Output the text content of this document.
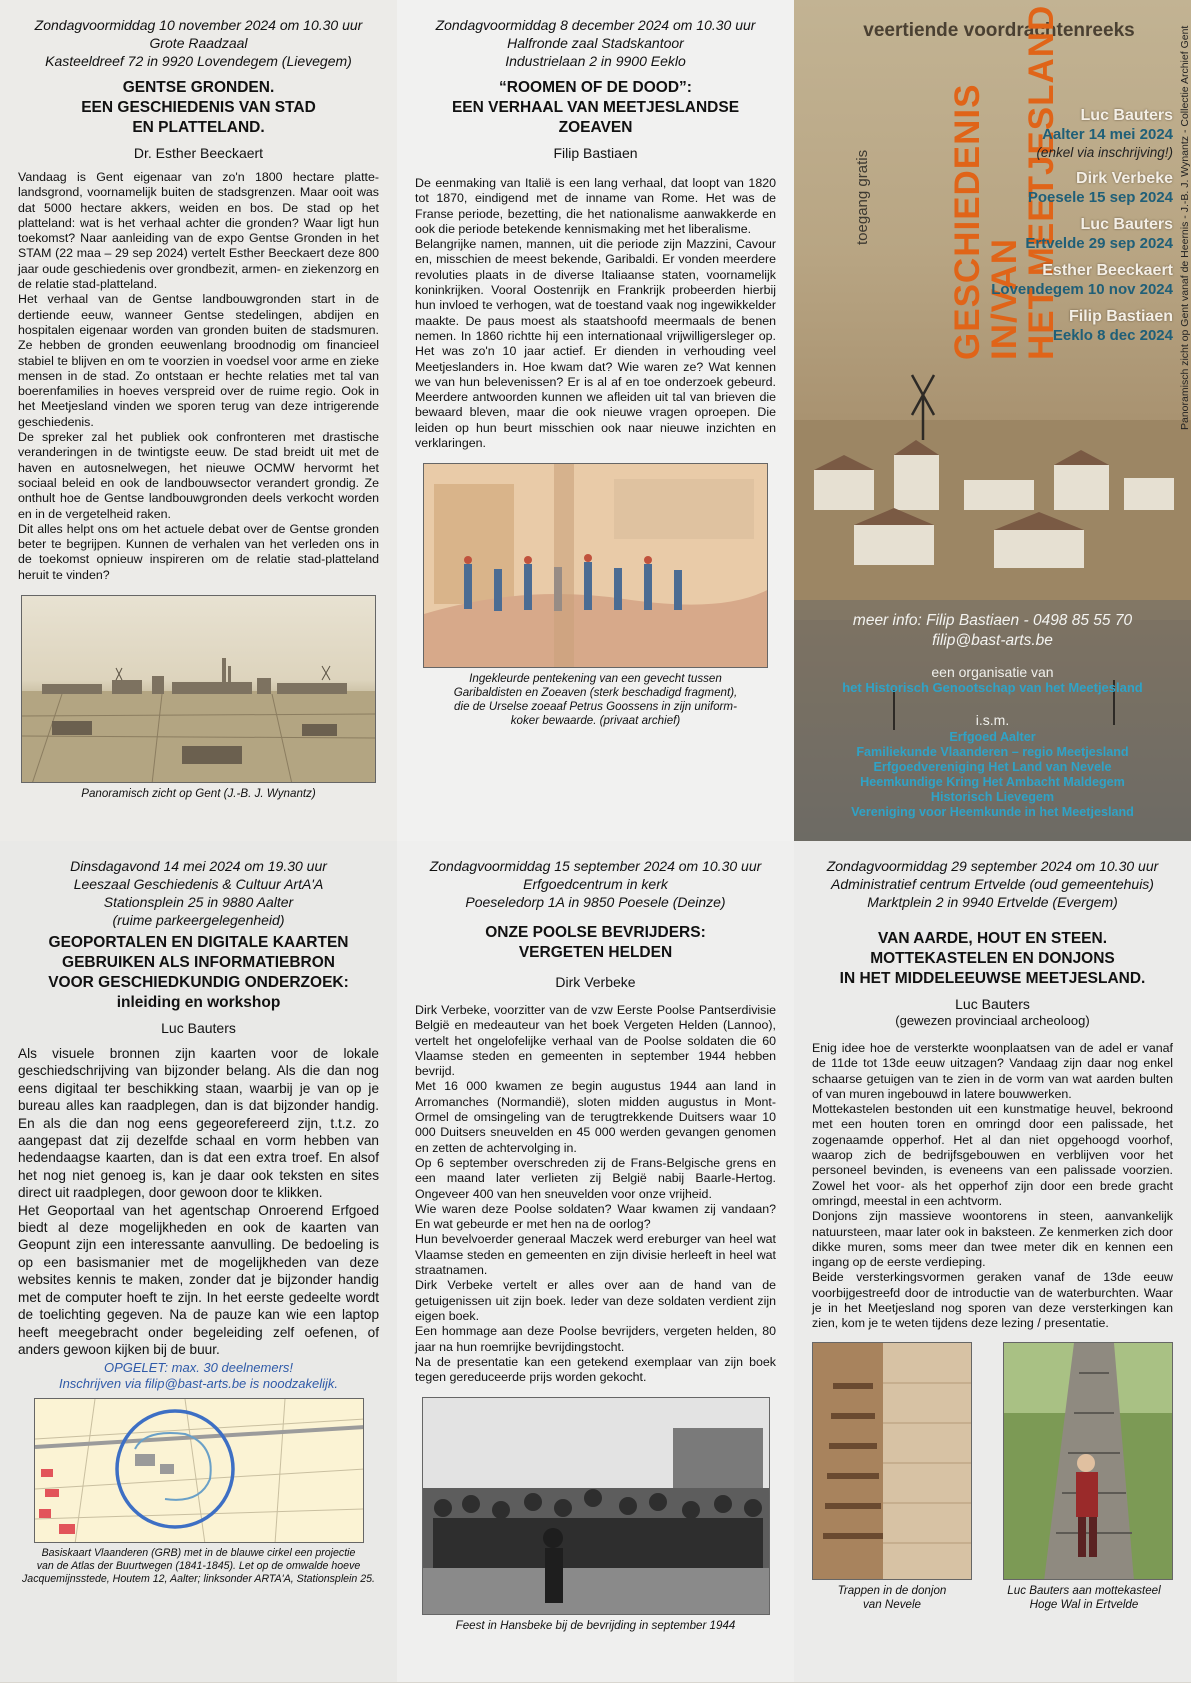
Zondagvoormiddag 10 november 2024 om 10.30 uur
Grote Raadzaal
Kasteeldreef 72 in 9920 Lovendegem (Lievegem)
GENTSE GRONDEN.
EEN GESCHIEDENIS VAN STAD
EN PLATTELAND.
Dr. Esther Beeckaert

Vandaag is Gent eigenaar van zo'n 1800 hectare plattelandsgrond, voornamelijk buiten de stadsgrenzen. Maar ooit was dat 5000 hectare akkers, weiden en bos. De stad op het platteland: wat is het verhaal achter die gronden? Waar ligt hun toekomst? Naar aanleiding van de expo Gentse Gronden in het STAM (22 maa – 29 sep 2024) vertelt Esther Beeckaert deze 800 jaar oude geschiedenis over grondbezit, armen- en ziekenzorg en de relatie stad-platteland.

Het verhaal van de Gentse landbouwgronden start in de dertiende eeuw, wanneer Gentse stedelingen, abdijen en hospitalen eigenaar worden van gronden buiten de stadsmuren. Ze hebben de gronden eeuwenlang broodnodig om financieel stabiel te blijven en om te voorzien in voedsel voor arme en zieke mensen in de stad. Zo ontstaan er hechte relaties met tal van boerenfamilies in hoeves verspreid over de ruime regio. Ook in het Meetjesland vinden we sporen terug van deze intrigerende geschiedenis.

De spreker zal het publiek ook confronteren met drastische veranderingen in de twintigste eeuw. De stad breidt uit met de haven en autosnelwegen, het nieuwe OCMW hervormt het sociaal beleid en ook de landbouwsector verandert grondig. Ze onthult hoe de Gentse landbouwgronden deels verkocht worden en in de vergetelheid raken.

Dit alles helpt ons om het actuele debat over de Gentse gronden beter te begrijpen. Kunnen de verhalen van het verleden ons in de toekomst opnieuw inspireren om de relatie stad-platteland heruit te vinden?

Panoramisch zicht op Gent (J.-B. J. Wynantz)
Zondagvoormiddag 8 december 2024 om 10.30 uur
Halfronde zaal Stadskantoor
Industrielaan 2 in 9900 Eeklo
“ROOMEN OF DE DOOD”:
EEN VERHAAL VAN MEETJESLANDSE
ZOEAVEN
Filip Bastiaen

De eenmaking van Italië is een lang verhaal, dat loopt van 1820 tot 1870, eindigend met de inname van Rome. Het was de Franse periode, bezetting, die het nationalisme aanwakkerde en ook die periode betekende kennismaking met het liberalisme.

Belangrijke namen, mannen, uit die periode zijn Mazzini, Cavour en, misschien de meest bekende, Garibaldi. Er vonden meerdere revoluties plaats in de diverse Italiaanse staten, voornamelijk koninkrijken. Vooral Oostenrijk en Frankrijk probeerden hierbij hun invloed te verhogen, wat de toestand vaak nog ingewikkelder maakte. De paus moest als staatshoofd meermaals de benen nemen. In 1860 richtte hij een internationaal vrijwilligersleger op. Het was zo'n 10 jaar actief. Er dienden in verhouding veel Meetjeslanders in. Hoe kwam dat? Wie waren ze? Wat kennen we van hun belevenissen? Er is al af en toe onderzoek gebeurd. Meerdere antwoorden kunnen we afleiden uit tal van brieven die bewaard bleven, maar die ook nieuwe vragen oproepen. Die leiden op hun beurt misschien ook naar nieuwe inzichten en verklaringen.

Ingekleurde pentekening van een gevecht tussen
Garibaldisten en Zoeaven (sterk beschadigd fragment),
die de Urselse zoeaaf Petrus Goossens in zijn uniform-
koker bewaarde. (privaat archief)
veertiende voordrachtenreeks
GESCHIEDENIS
IN/VAN
HET MEETJESLAND
toegang gratis	Panoramisch zicht op Gent vanaf de Heernis - J.-B. J. Wynantz - Collectie Archief Gent
Luc Bauters
Aalter 14 mei 2024
(enkel via inschrijving!)
Dirk Verbeke
Poesele 15 sep 2024
Luc Bauters
Ertvelde 29 sep 2024
Esther Beeckaert
Lovendegem 10 nov 2024
Filip Bastiaen
Eeklo 8 dec 2024
meer info: Filip Bastiaen - 0498 85 55 70
filip@bast-arts.be
een organisatie van
het Historisch Genootschap van het Meetjesland
i.s.m.
Erfgoed Aalter
Familiekunde Vlaanderen – regio Meetjesland
Erfgoedvereniging Het Land van Nevele
Heemkundige Kring Het Ambacht Maldegem
Historisch Lievegem
Vereniging voor Heemkunde in het Meetjesland
Dinsdagavond 14 mei 2024 om 19.30 uur
Leeszaal Geschiedenis & Cultuur ArtA'A
Stationsplein 25 in 9880 Aalter
(ruime parkeergelegenheid)
GEOPORTALEN EN DIGITALE KAARTEN
GEBRUIKEN ALS INFORMATIEBRON
VOOR GESCHIEDKUNDIG ONDERZOEK:
inleiding en workshop
Luc Bauters

Als visuele bronnen zijn kaarten voor de lokale geschiedschrijving van bijzonder belang. Als die dan nog eens digitaal ter beschikking staan, waarbij je van op je bureau alles kan raadplegen, dan is dat bijzonder handig. En als die dan nog eens gegeorefereerd zijn, t.t.z. zo aangepast dat zij dezelfde schaal en vorm hebben van hedendaagse kaarten, dan is dat een extra troef. En alsof het nog niet genoeg is, kan je daar ook teksten en sites direct uit raadplegen, door gewoon door te klikken.

Het Geoportaal van het agentschap Onroerend Erfgoed biedt al deze mogelijkheden en ook de kaarten van Geopunt zijn een interessante aanvulling. De bedoeling is op een basismanier met de mogelijkheden van deze websites kennis te maken, zonder dat je bijzonder handig met de computer hoeft te zijn. In het eerste gedeelte wordt de toelichting gegeven. Na de pauze kan wie een laptop heeft meegebracht onder begeleiding zelf oefenen, of anders gewoon kijken bij de buur.

OPGELET: max. 30 deelnemers!
Inschrijven via filip@bast-arts.be is noodzakelijk.
Basiskaart Vlaanderen (GRB) met in de blauwe cirkel een projectie
van de Atlas der Buurtwegen (1841-1845). Let op de omwalde hoeve
Jacquemijnsstede, Houtem 12, Aalter; linksonder ARTA'A, Stationsplein 25.
Zondagvoormiddag 15 september 2024 om 10.30 uur
Erfgoedcentrum in kerk
Poeseledorp 1A in 9850 Poesele (Deinze)
ONZE POOLSE BEVRIJDERS:
VERGETEN HELDEN
Dirk Verbeke

Dirk Verbeke, voorzitter van de vzw Eerste Poolse Pantserdivisie België en medeauteur van het boek Vergeten Helden (Lannoo), vertelt het ongelofelijke verhaal van de Poolse soldaten die 60 Vlaamse steden en gemeenten in september 1944 hebben bevrijd.

Met 16 000 kwamen ze begin augustus 1944 aan land in Arromanches (Normandië), sloten midden augustus in Mont-Ormel de omsingeling van de terugtrekkende Duitsers waar 10 000 Duitsers sneuvelden en 45 000 werden gevangen genomen en zetten de achtervolging in.

Op 6 september overschreden zij de Frans-Belgische grens en een maand later verlieten zij België nabij Baarle-Hertog. Ongeveer 400 van hen sneuvelden voor onze vrijheid.

Wie waren deze Poolse soldaten? Waar kwamen zij vandaan? En wat gebeurde er met hen na de oorlog?

Hun bevelvoerder generaal Maczek werd ereburger van heel wat Vlaamse steden en gemeenten en zijn divisie herleeft in heel wat straatnamen.

Dirk Verbeke vertelt er alles over aan de hand van de getuigenissen uit zijn boek. Ieder van deze soldaten verdient zijn eigen boek.

Een hommage aan deze Poolse bevrijders, vergeten helden, 80 jaar na hun roemrijke bevrijdingstocht.

Na de presentatie kan een getekend exemplaar van zijn boek tegen gereduceerde prijs worden gekocht.

Feest in Hansbeke bij de bevrijding in september 1944
Zondagvoormiddag 29 september 2024 om 10.30 uur
Administratief centrum Ertvelde (oud gemeentehuis)
Marktplein 2 in 9940 Ertvelde (Evergem)
VAN AARDE, HOUT EN STEEN.
MOTTEKASTELEN EN DONJONS
IN HET MIDDELEEUWSE MEETJESLAND.
Luc Bauters
(gewezen provinciaal archeoloog)

Enig idee hoe de versterkte woonplaatsen van de adel er vanaf de 11de tot 13de eeuw uitzagen? Vandaag zijn daar nog enkel schaarse getuigen van te zien in de vorm van wat aarden bulten of van muren ingebouwd in latere bouwwerken.

Mottekastelen bestonden uit een kunstmatige heuvel, bekroond met een houten toren en omringd door een palissade, het zogenaamde opperhof. Het al dan niet opgehoogd voorhof, waarop zich de bedrijfsgebouwen en verblijven voor het personeel bevinden, is eveneens van een palissade voorzien. Zowel het voor- als het opperhof zijn door een brede gracht omringd, meestal in een achtvorm.

Donjons zijn massieve woontorens in steen, aanvankelijk natuursteen, maar later ook in baksteen. Ze kenmerken zich door dikke muren, soms meer dan twee meter dik en kennen een ingang op de eerste verdieping.

Beide versterkingsvormen geraken vanaf de 13de eeuw voorbijgestreefd door de introductie van de waterburchten. Waar je in het Meetjesland nog sporen van deze versterkingen kan zien, kom je te weten tijdens deze lezing / presentatie.

Trappen in de donjon
van Nevele
Luc Bauters aan mottekasteel
Hoge Wal in Ertvelde
